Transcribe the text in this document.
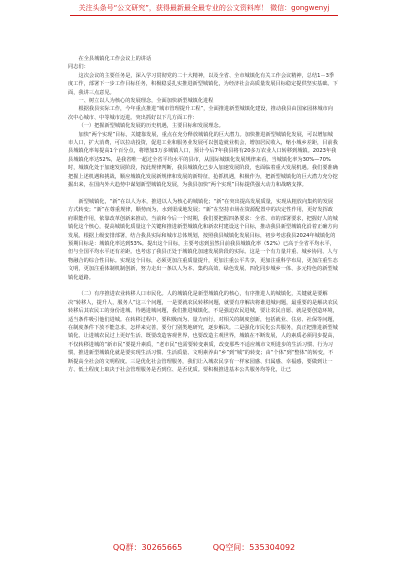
关注头条号“公文研究”，获得最新最全最专业的公文资料库！ 微信：gongwenyj

在全县城镇化工作会议上的讲话

同志们：

这次会议的主要任务是，深入学习贯彻党的二十大精神，以及全省、全市城镇化有关工作会议精神，总结1－3季度工作，部署下一步工作目标任务，积极稳妥扎实推进新型城镇化，为经济社会高质量发展目标稳定提供坚实基础。下面，我讲三点意见。

一、树立以人为核心的发展理念，全面加快新型城镇化进程

根据我县实际工作，今年重点推进“城市管理提升工程”，全面推进新型城镇化建设，推动我县由国家园林城市向次中心城市、中等城市迈进。突出抓好以下几方面工作：

（一）把握新型城镇化发展的历史机遇，主要目标和发展理念。

加快“两个实现”目标，关键靠发展，重点在充分释放城镇化的巨大潜力。加快推进新型城镇化发展，可以增加城市人口，扩大消费，可以拉动投资，促进工业和服务业发展可以创造就业机会，增加居民收入，缩小城乡差距，目前我县城镇化率每提高1个百分点，将增加3万多城镇人口，预计今后7年我县将有20多万农业人口转移到城镇。2023年我县城镇化率达52%，是我省唯一超过全省平均水平的县市，从国际城镇化发展规律来看，当城镇化率为30%—70%时，城镇化处于加速发展阶段，按此规律判断，我县城镇化已步入加速发展阶段，也面临着重大发展机遇。我们要准确把握上述机遇和挑战，顺应城镇化发展新规律和发展的新特征，抢抓机遇，积极作为，把新型城镇化的巨大潜力充分挖掘出来，在国内外大趋势中谋划新型城镇化发展，为我县加快“两个实现”目标提供强大动力和战略支撑。

新型城镇化，“新”在以人为本，推进以人为核心的城镇化；“新”在突出提高发展质量，实现从粗放向集约的发展方式转变；“新”在尊重规律，顺势而为，水到渠成地发展；“新”在坚持市场在资源配置中的决定性作用，更好发挥政府职能作用，依靠改革创新来推动。当前和今后一个时期，我们要把握四条要求：全省、市的部署要求，把握好人的城镇化这个核心，提高城镇化质量这个关键和推进新型城镇化和新农村建设这个目标，推动我县新型城镇化沿着正确方向发展。根据上级安排部署，结合我县实际和城市总体规划，按照我县城镇化发展目标，初步考虑我县2024年城镇化的预期目标是：城镇化率达到53%。提出这个目标，主要考虑到虽然目前我县城镇化率（52%）已高于全省平均水平，但与全国平均水平还有差距。也考虑了我县正处于城镇化加速发展阶段的实际。这是一个有力量并重、城乡协同、人与物融合的综合性目标。实现这个目标，必须更加注重质量提升，更加注重公平共享，更加注重科学布局，更加注重生态文明，更加注重体制机制创新，努力走出一条以人为本、集约高效、绿色发展、四化同步城乡一体、多元特色的新型城镇化道路。

（二）有序推进农业转移人口市民化。人的城镇化是新型城镇化的核心，有序推进人的城镇化，关键就是要解决“转移人，提升人，服务人”这三个问题，一是要就农民转移问题，就要有序解决将谁进城问题，最重要的是解决农民转移后其农民工的身份进城、待遇进城问题，我们推进城镇化，不是强迫农民进城，要让农民自愿、就是要创造环境，适当条件吸引他们进城。在转移过程中，要积极而为、量力而行，对相关的制度创新，包括就业、住房、社保等问题，在制度条件下放不能急求，怎样来完善，要分门别类地研究，逐步解决。二是强化市民化公共服务，真正把推进新型城镇化、让进城农民过上更好生活、既要改造客观世界，也要改造主观世界，城镇在不断发展，人的素质必须同步提高，不仅转移进城的“新市民”要提升素质，“老市民”也需要转变素质，改变那些不适应城市文明进步的生活习惯、行为习惯，推进新型城镇化就是要实现生活习惯、生活质量、文明素养由“乡”到“城”的转变；由“个体”到“整体”的转变，不断提高全社会的文明程度。三是优化社会管理服务，我们让入城农民享有一样家园感、归属感、幸福感，要做到让一方、低土程度上取决于社会管理服务是否到位、是否优质。要积极推进基本公共服务均等化，让已

QQ群：30265665	QQ空间：535304092
